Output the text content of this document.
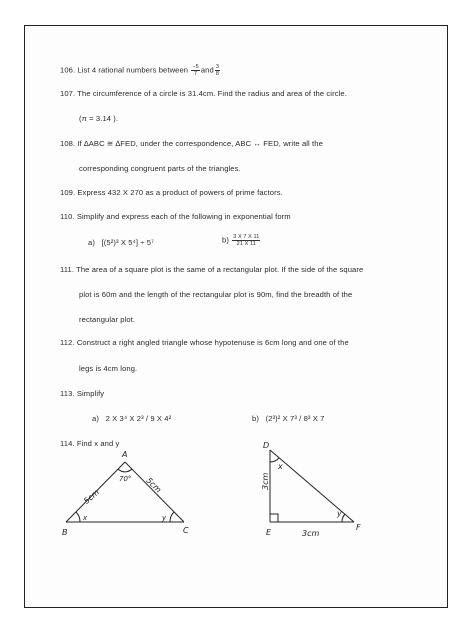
106. List 4 rational numbers between $\frac{-5}{7}$ and $\frac{3}{8}$
107. The circumference of a circle is 31.4cm. Find the radius and area of the circle.
(π = 3.14 ).
108. If ∆ABC ≅ ∆FED, under the correspondence, ABC ↔ FED, write all the
corresponding congruent parts of the triangles.
109. Express 432 X 270 as a product of powers of prime factors.
110. Simplify and express each of the following in exponential form
a) [(5²)³ X 5⁴] ÷ 5⁷	$b) \frac{3 X 7 X 11}{21 X 11}$
111. The area of a square plot is the same of a rectangular plot. If the side of the square
plot is 60m and the length of the rectangular plot is 90m, find the breadth of the
rectangular plot.
112. Construct a right angled triangle whose hypotenuse is 6cm long and one of the
legs is 4cm long.
113. Simplify
a) 2 X 3⁴ X 2³ / 9 X 4²	b) (2³)² X 7³ / 8³ X 7
114. Find x and y
A
B	C
70°
x	y
5cm
5cm
D
E
F
x
y
3cm
3cm
